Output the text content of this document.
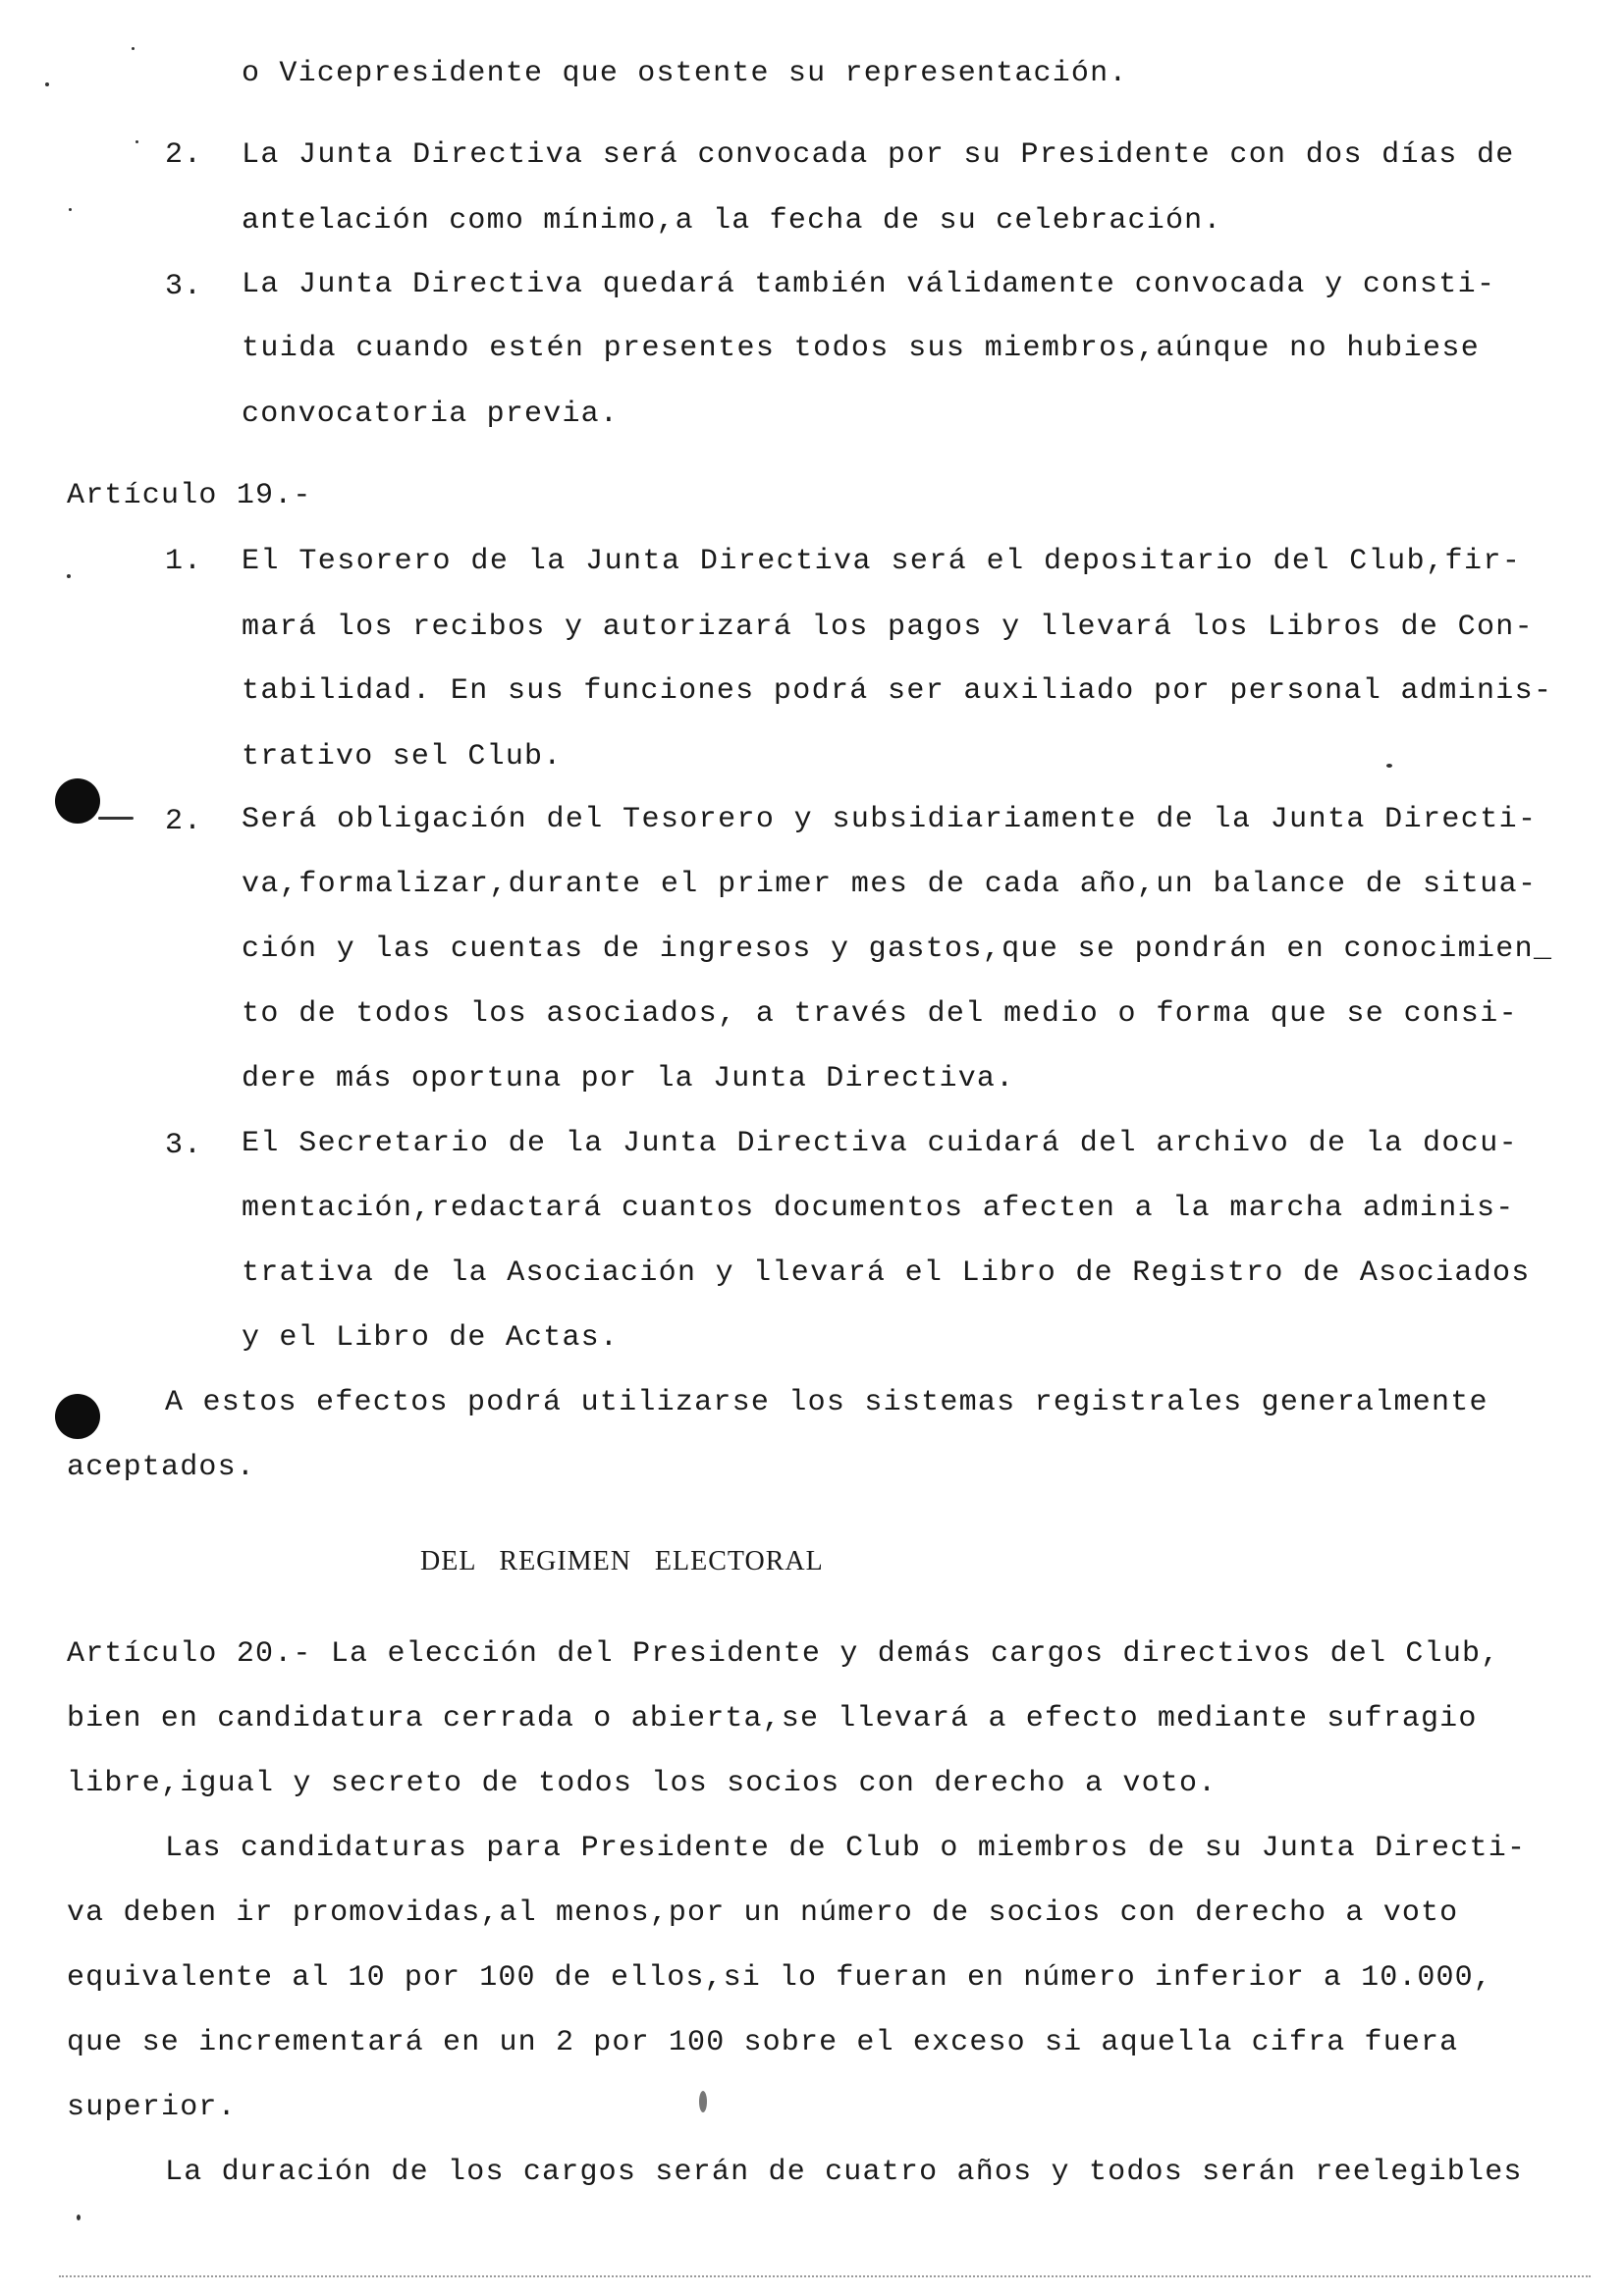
o Vicepresidente que ostente su representación.
2. La Junta Directiva será convocada por su Presidente con dos días de
antelación como mínimo,a la fecha de su celebración.
3. La Junta Directiva quedará también válidamente convocada y consti-
tuida cuando estén presentes todos sus miembros,aúnque no hubiese
convocatoria previa.
Artículo 19.-
1. El Tesorero de la Junta Directiva será el depositario del Club,fir-
mará los recibos y autorizará los pagos y llevará los Libros de Con-
tabilidad. En sus funciones podrá ser auxiliado por personal adminis-
trativo sel Club.
2. Será obligación del Tesorero y subsidiariamente de la Junta Directi-
va,formalizar,durante el primer mes de cada año,un balance de situa-
ción y las cuentas de ingresos y gastos,que se pondrán en conocimien_
to de todos los asociados, a través del medio o forma que se consi-
dere más oportuna por la Junta Directiva.
3. El Secretario de la Junta Directiva cuidará del archivo de la docu-
mentación,redactará cuantos documentos afecten a la marcha adminis-
trativa de la Asociación y llevará el Libro de Registro de Asociados
y el Libro de Actas.
A estos efectos podrá utilizarse los sistemas registrales generalmente
aceptados.
DEL   REGIMEN   ELECTORAL
Artículo 20.- La elección del Presidente y demás cargos directivos del Club,
bien en candidatura cerrada o abierta,se llevará a efecto mediante sufragio
libre,igual y secreto de todos los socios con derecho a voto.
Las candidaturas para Presidente de Club o miembros de su Junta Directi-
va deben ir promovidas,al menos,por un número de socios con derecho a voto
equivalente al 10 por 100 de ellos,si lo fueran en número inferior a 10.000,
que se incrementará en un 2 por 100 sobre el exceso si aquella cifra fuera
superior.
La duración de los cargos serán de cuatro años y todos serán reelegibles
